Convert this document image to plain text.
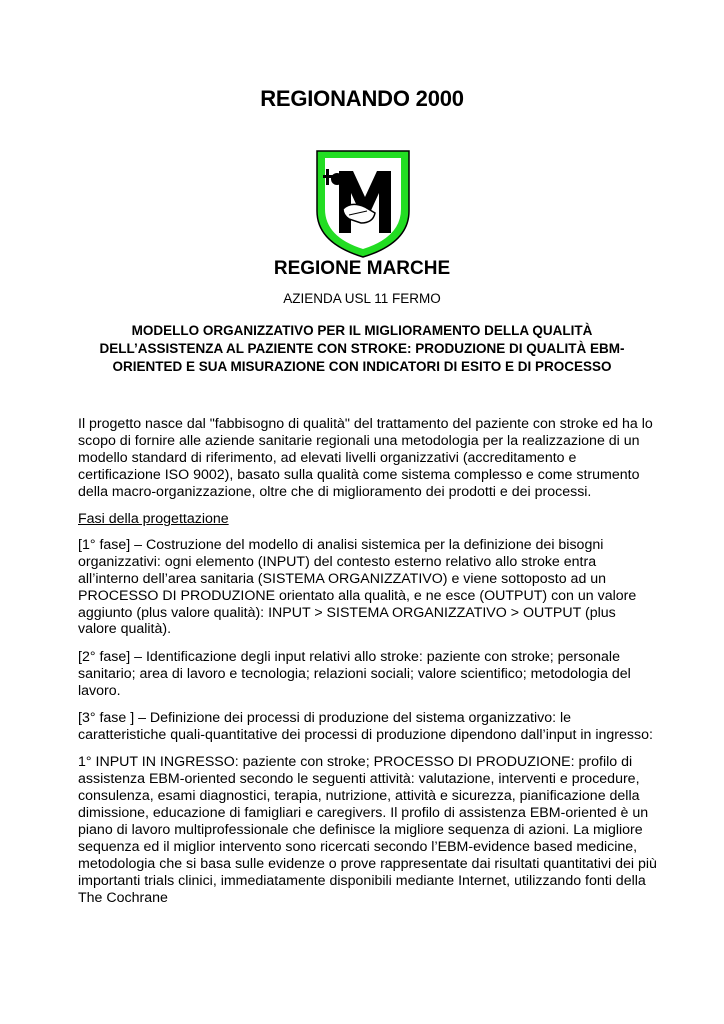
REGIONANDO 2000
REGIONE MARCHE
AZIENDA USL 11 FERMO
MODELLO ORGANIZZATIVO PER IL MIGLIORAMENTO DELLA QUALITÀ DELL’ASSISTENZA AL PAZIENTE CON STROKE: PRODUZIONE DI QUALITÀ EBM-ORIENTED E SUA MISURAZIONE CON INDICATORI DI ESITO E DI PROCESSO

Il progetto nasce dal "fabbisogno di qualità" del trattamento del paziente con stroke ed ha lo scopo di fornire alle aziende sanitarie regionali una metodologia per la realizzazione di un modello standard di riferimento, ad elevati livelli organizzativi (accreditamento e certificazione ISO 9002), basato sulla qualità come sistema complesso e come strumento della macro-organizzazione, oltre che di miglioramento dei prodotti e dei processi.

Fasi della progettazione

[1° fase] – Costruzione del modello di analisi sistemica per la definizione dei bisogni organizzativi: ogni elemento (INPUT) del contesto esterno relativo allo stroke entra all’interno dell’area sanitaria (SISTEMA ORGANIZZATIVO) e viene sottoposto ad un PROCESSO DI PRODUZIONE orientato alla qualità, e ne esce (OUTPUT) con un valore aggiunto (plus valore qualità): INPUT > SISTEMA ORGANIZZATIVO > OUTPUT (plus valore qualità).

[2° fase] – Identificazione degli input relativi allo stroke: paziente con stroke; personale sanitario; area di lavoro e tecnologia; relazioni sociali; valore scientifico; metodologia del lavoro.

[3° fase ] – Definizione dei processi di produzione del sistema organizzativo: le caratteristiche quali-quantitative dei processi di produzione dipendono dall’input in ingresso:

1° INPUT IN INGRESSO: paziente con stroke; PROCESSO DI PRODUZIONE: profilo di assistenza EBM-oriented secondo le seguenti attività: valutazione, interventi e procedure, consulenza, esami diagnostici, terapia, nutrizione, attività e sicurezza, pianificazione della dimissione, educazione di famigliari e caregivers. Il profilo di assistenza EBM-oriented è un piano di lavoro multiprofessionale che definisce la migliore sequenza di azioni. La migliore sequenza ed il miglior intervento sono ricercati secondo l’EBM-evidence based medicine, metodologia che si basa sulle evidenze o prove rappresentate dai risultati quantitativi dei più importanti trials clinici, immediatamente disponibili mediante Internet, utilizzando fonti della The Cochrane
